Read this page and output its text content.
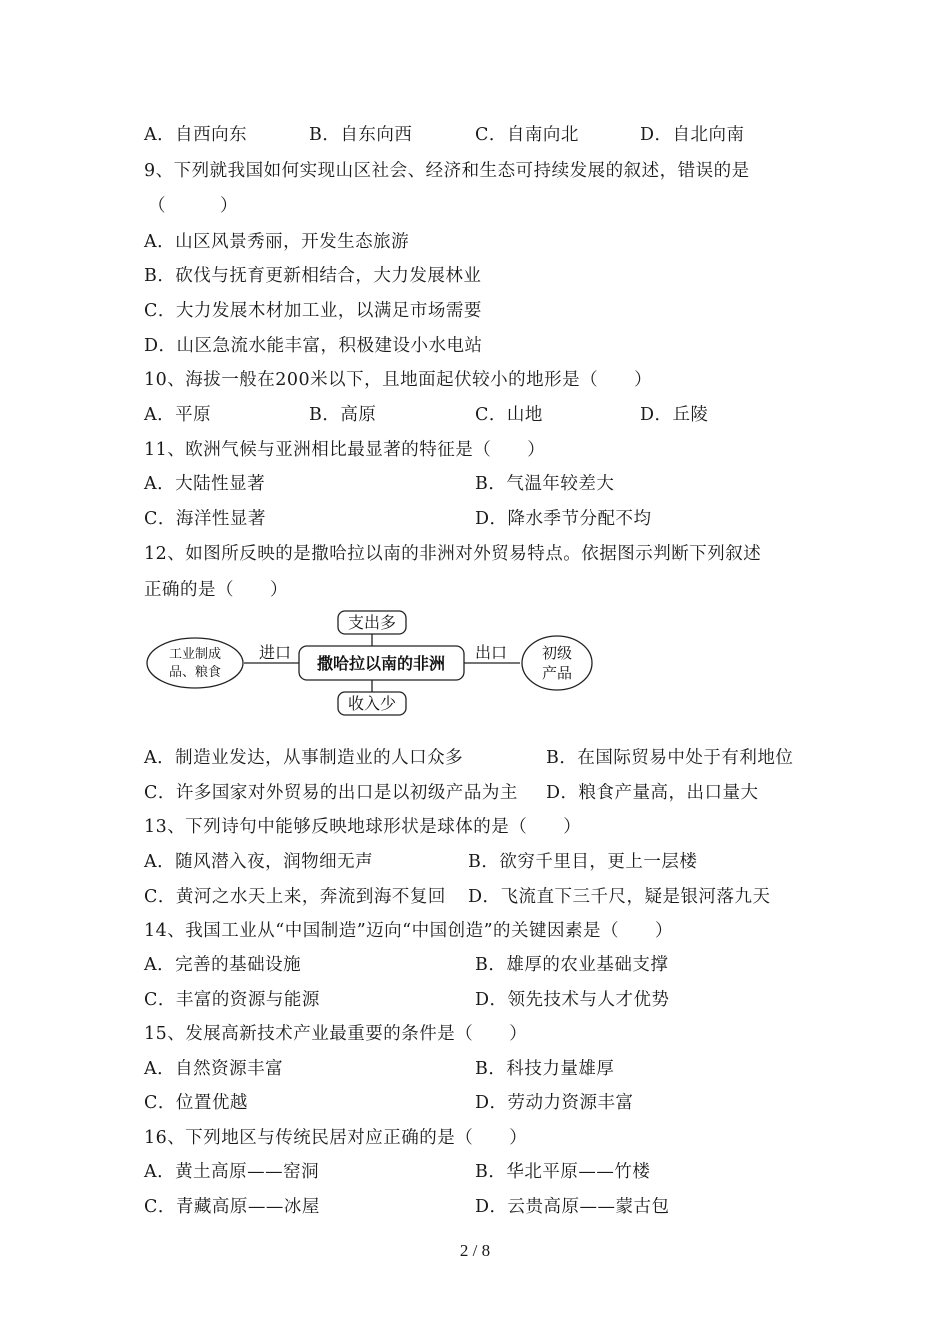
A．自西向东	B．自东向西	C．自南向北	D．自北向南
9、下列就我国如何实现山区社会、经济和生态可持续发展的叙述，错误的是
（　　　）
A．山区风景秀丽，开发生态旅游
B．砍伐与抚育更新相结合，大力发展林业
C．大力发展木材加工业，以满足市场需要
D．山区急流水能丰富，积极建设小水电站
10、海拔一般在200米以下，且地面起伏较小的地形是（　　）
A．平原	B．高原	C．山地	D．丘陵
11、欧洲气候与亚洲相比最显著的特征是（　　）
A．大陆性显著	B．气温年较差大
C．海洋性显著	D．降水季节分配不均
12、如图所反映的是撒哈拉以南的非洲对外贸易特点。依据图示判断下列叙述
正确的是（　　）
支出多
撒哈拉以南的非洲
收入少
工业制成
品、粮食
进口	出口 初级
产品
A．制造业发达，从事制造业的人口众多	B．在国际贸易中处于有利地位
C．许多国家对外贸易的出口是以初级产品为主 D．粮食产量高，出口量大
13、下列诗句中能够反映地球形状是球体的是（　　）
A．随风潜入夜，润物细无声	B．欲穷千里目，更上一层楼
C．黄河之水天上来，奔流到海不复回 D．飞流直下三千尺，疑是银河落九天
14、我国工业从“中国制造”迈向“中国创造”的关键因素是（　　）
A．完善的基础设施	B．雄厚的农业基础支撑
C．丰富的资源与能源	D．领先技术与人才优势
15、发展高新技术产业最重要的条件是（　　）
A．自然资源丰富	B．科技力量雄厚
C．位置优越	D．劳动力资源丰富
16、下列地区与传统民居对应正确的是（　　）
A．黄土高原——窑洞	B．华北平原——竹楼
C．青藏高原——冰屋	D．云贵高原——蒙古包
2 / 8
